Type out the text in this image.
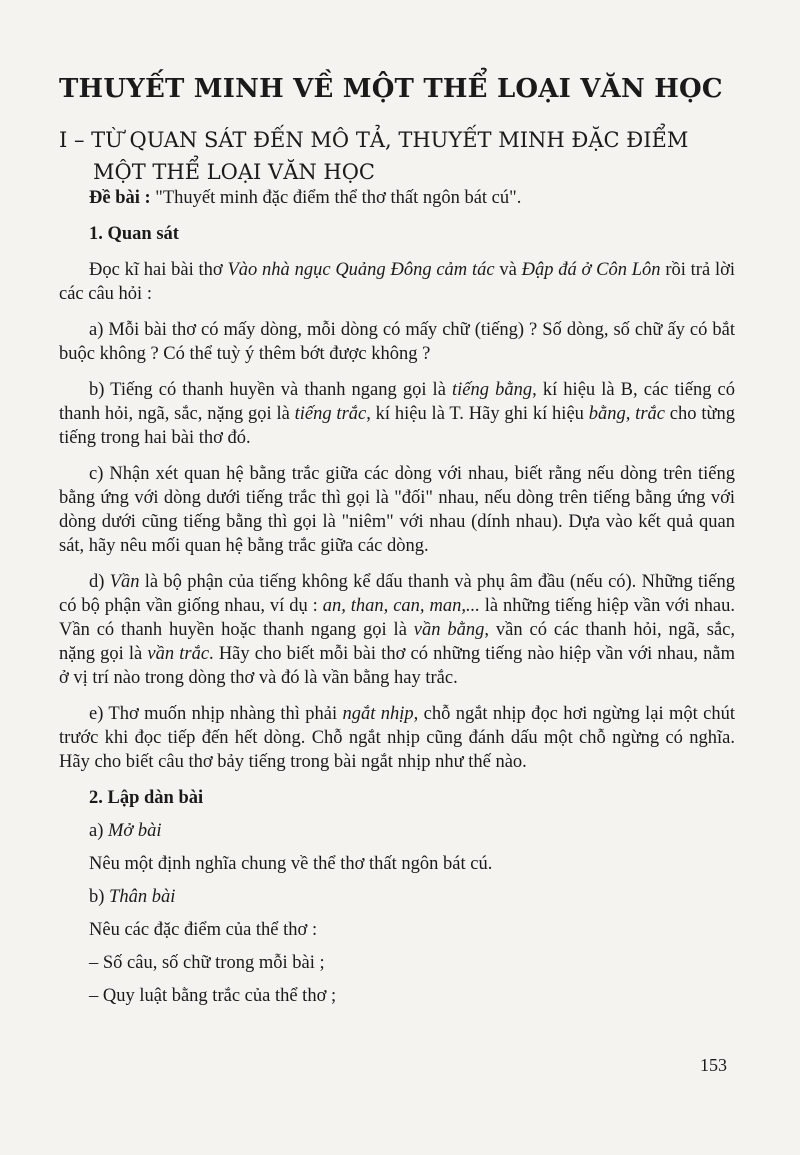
THUYẾT MINH VỀ MỘT THỂ LOẠI VĂN HỌC
I – TỪ QUAN SÁT ĐẾN MÔ TẢ, THUYẾT MINH ĐẶC ĐIỂM
MỘT THỂ LOẠI VĂN HỌC

Đề bài : "Thuyết minh đặc điểm thể thơ thất ngôn bát cú".

1. Quan sát

Đọc kĩ hai bài thơ Vào nhà ngục Quảng Đông cảm tác và Đập đá ở Côn Lôn rồi trả lời các câu hỏi :

a) Mỗi bài thơ có mấy dòng, mỗi dòng có mấy chữ (tiếng) ? Số dòng, số chữ ấy có bắt buộc không ? Có thể tuỳ ý thêm bớt được không ?

b) Tiếng có thanh huyền và thanh ngang gọi là tiếng bằng, kí hiệu là B, các tiếng có thanh hỏi, ngã, sắc, nặng gọi là tiếng trắc, kí hiệu là T. Hãy ghi kí hiệu bằng, trắc cho từng tiếng trong hai bài thơ đó.

c) Nhận xét quan hệ bằng trắc giữa các dòng với nhau, biết rằng nếu dòng trên tiếng bằng ứng với dòng dưới tiếng trắc thì gọi là "đối" nhau, nếu dòng trên tiếng bằng ứng với dòng dưới cũng tiếng bằng thì gọi là "niêm" với nhau (dính nhau). Dựa vào kết quả quan sát, hãy nêu mối quan hệ bằng trắc giữa các dòng.

d) Vần là bộ phận của tiếng không kể dấu thanh và phụ âm đầu (nếu có). Những tiếng có bộ phận vần giống nhau, ví dụ : an, than, can, man,... là những tiếng hiệp vần với nhau. Vần có thanh huyền hoặc thanh ngang gọi là vần bằng, vần có các thanh hỏi, ngã, sắc, nặng gọi là vần trắc. Hãy cho biết mỗi bài thơ có những tiếng nào hiệp vần với nhau, nằm ở vị trí nào trong dòng thơ và đó là vần bằng hay trắc.

e) Thơ muốn nhịp nhàng thì phải ngắt nhịp, chỗ ngắt nhịp đọc hơi ngừng lại một chút trước khi đọc tiếp đến hết dòng. Chỗ ngắt nhịp cũng đánh dấu một chỗ ngừng có nghĩa. Hãy cho biết câu thơ bảy tiếng trong bài ngắt nhịp như thế nào.

2. Lập dàn bài

a) Mở bài

Nêu một định nghĩa chung về thể thơ thất ngôn bát cú.

b) Thân bài

Nêu các đặc điểm của thể thơ :

– Số câu, số chữ trong mỗi bài ;

– Quy luật bằng trắc của thể thơ ;

153
